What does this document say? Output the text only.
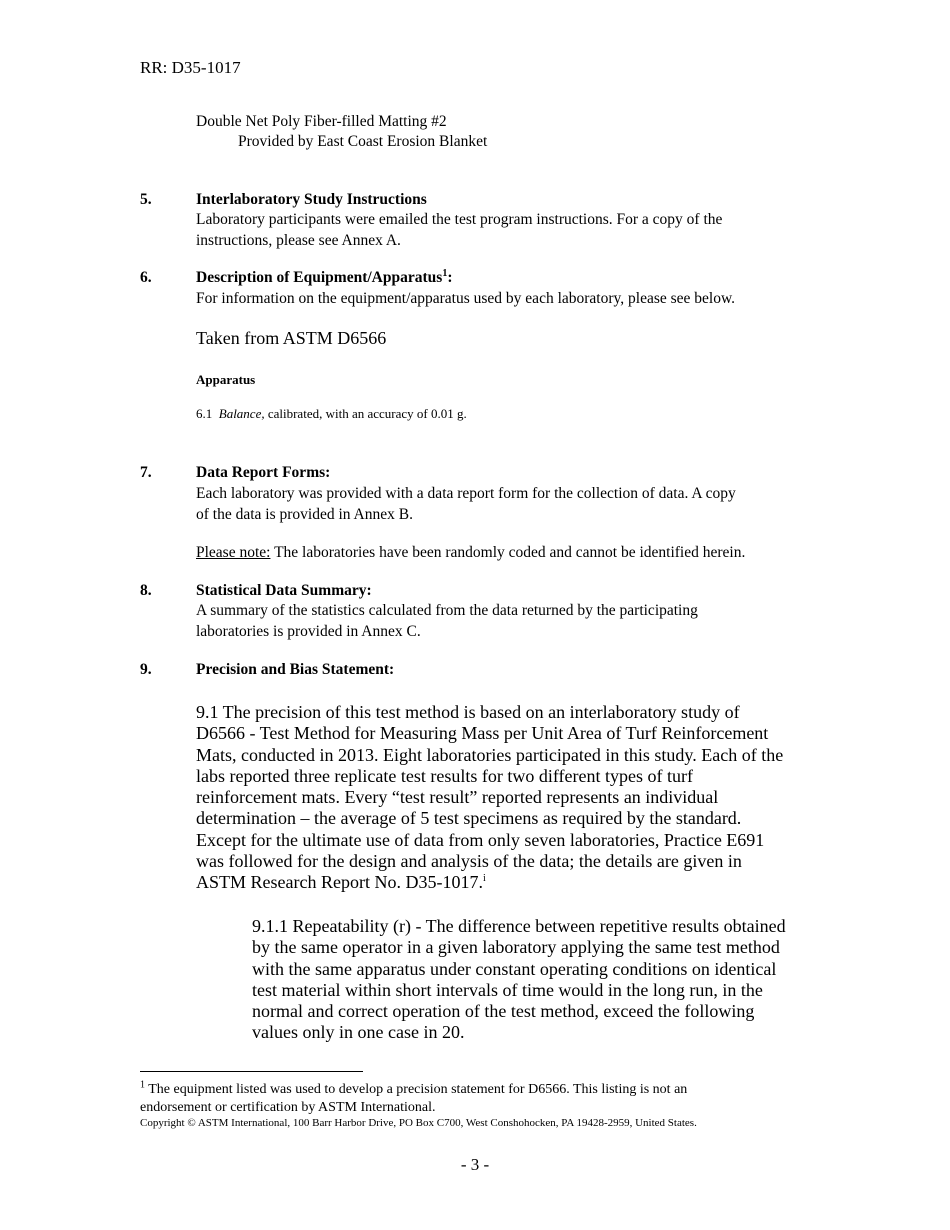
RR: D35-1017
Double Net Poly Fiber-filled Matting #2
Provided by East Coast Erosion Blanket
5.	Interlaboratory Study Instructions
Laboratory participants were emailed the test program instructions. For a copy of the
instructions, please see Annex A.
6.	Description of Equipment/Apparatus$^1$:
For information on the equipment/apparatus used by each laboratory, please see below.
Taken from ASTM D6566
Apparatus
6.1 Balance, calibrated, with an accuracy of 0.01 g.
7.	Data Report Forms:
Each laboratory was provided with a data report form for the collection of data. A copy
of the data is provided in Annex B.
Please note: The laboratories have been randomly coded and cannot be identified herein.
8.	Statistical Data Summary:
A summary of the statistics calculated from the data returned by the participating
laboratories is provided in Annex C.
9.	Precision and Bias Statement:
9.1 The precision of this test method is based on an interlaboratory study of
D6566 - Test Method for Measuring Mass per Unit Area of Turf Reinforcement
Mats, conducted in 2013. Eight laboratories participated in this study. Each of the
labs reported three replicate test results for two different types of turf
reinforcement mats. Every “test result” reported represents an individual
determination – the average of 5 test specimens as required by the standard.
Except for the ultimate use of data from only seven laboratories, Practice E691
was followed for the design and analysis of the data; the details are given in
ASTM Research Report No. D35-1017.$^i$
9.1.1 Repeatability (r) - The difference between repetitive results obtained
by the same operator in a given laboratory applying the same test method
with the same apparatus under constant operating conditions on identical
test material within short intervals of time would in the long run, in the
normal and correct operation of the test method, exceed the following
values only in one case in 20.
$^1$ The equipment listed was used to develop a precision statement for D6566. This listing is not an
endorsement or certification by ASTM International.
Copyright © ASTM International, 100 Barr Harbor Drive, PO Box C700, West Conshohocken, PA 19428-2959, United States.
- 3 -
